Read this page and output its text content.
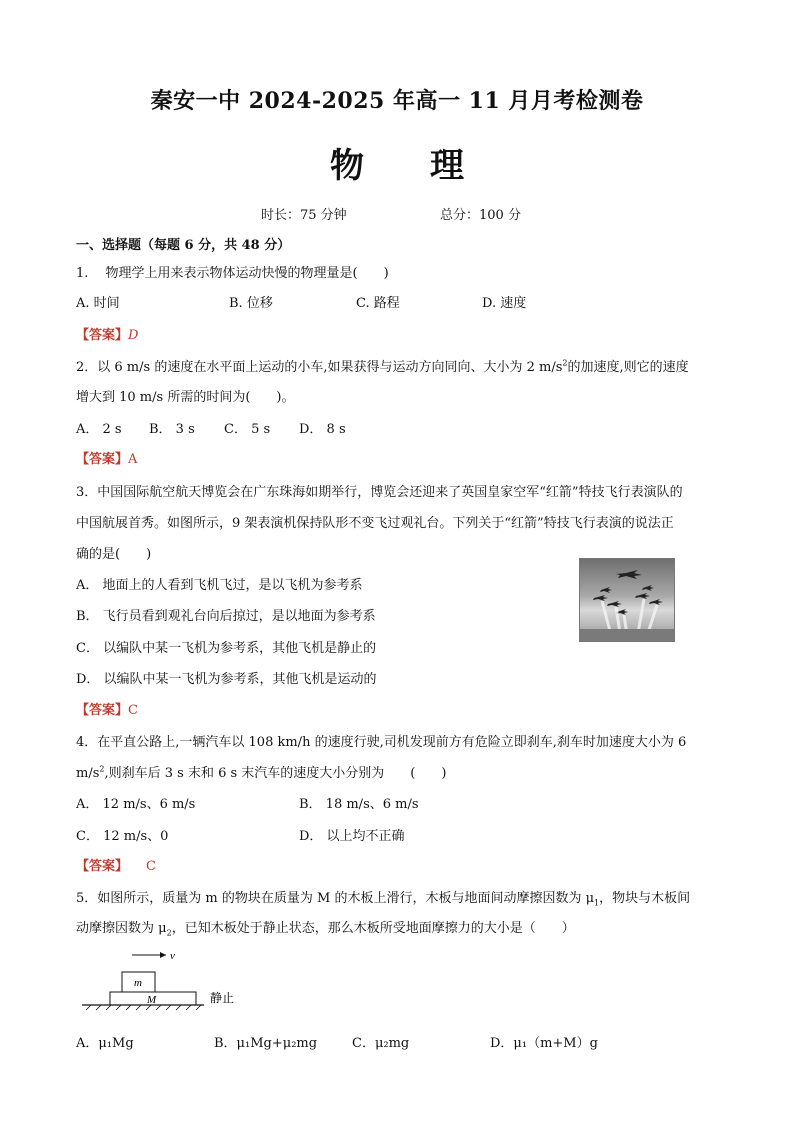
秦安一中 2024-2025 年高一 11 月月考检测卷
物理
时长：75 分钟	总分：100 分
一、选择题（每题 6 分，共 48 分）
1.　 物理学上用来表示物体运动快慢的物理量是(　　)
A. 时间	B. 位移	C. 路程	D. 速度
【答案】D
2．以 6 m/s 的速度在水平面上运动的小车,如果获得与运动方向同向、大小为 2 $m/s^2$的加速度,则它的速度
增大到 10 m/s 所需的时间为(　　)。
A． 2 s B． 3 s C． 5 s D． 8 s
【答案】A
3．中国国际航空航天博览会在广东珠海如期举行，博览会还迎来了英国皇家空军“红箭”特技飞行表演队的
中国航展首秀。如图所示，9 架表演机保持队形不变飞过观礼台。下列关于“红箭”特技飞行表演的说法正
确的是(　　)
A． 地面上的人看到飞机飞过，是以飞机为参考系
B． 飞行员看到观礼台向后掠过，是以地面为参考系
C． 以编队中某一飞机为参考系，其他飞机是静止的
D． 以编队中某一飞机为参考系，其他飞机是运动的
【答案】C
4．在平直公路上,一辆汽车以 108 km/h 的速度行驶,司机发现前方有危险立即刹车,刹车时加速度大小为 6
$m/s^2$,则刹车后 3 s 末和 6 s 末汽车的速度大小分别为　　(　　)
A． 12 m/s、6 m/s	B． 18 m/s、6 m/s
C． 12 m/s、0	D． 以上均不正确
【答案】 C
5．如图所示，质量为 m 的物块在质量为 M 的木板上滑行，木板与地面间动摩擦因数为 $\mu_1$，物块与木板间
动摩擦因数为 $\mu_2$，已知木板处于静止状态，那么木板所受地面摩擦力的大小是（　　）
v
m
M	静止
A．μ₁Mg	B．μ₁Mg+μ₂mg	C．μ₂mg	D．μ₁（m+M）g
